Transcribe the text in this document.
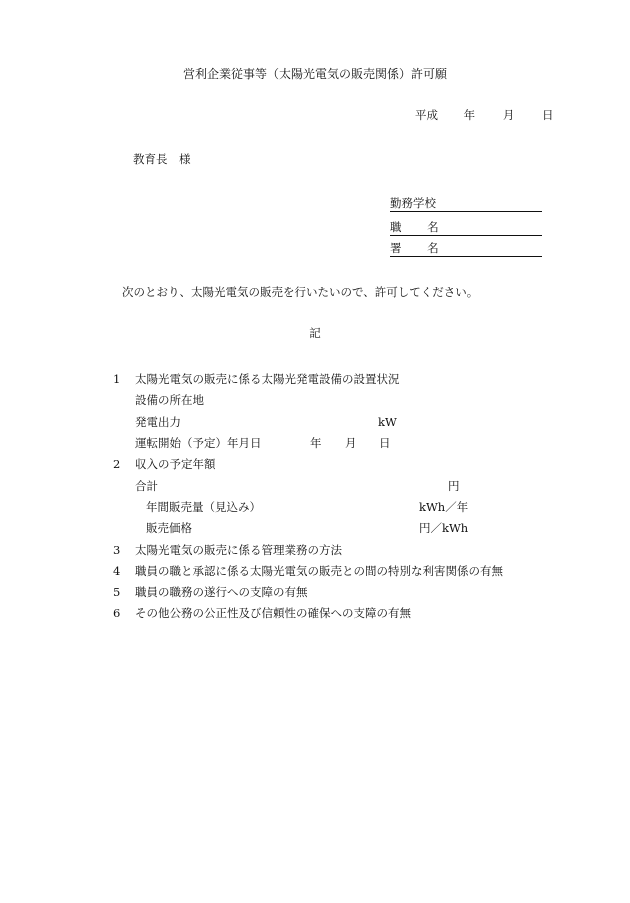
営利企業従事等（太陽光電気の販売関係）許可願
平成 年 月 日
教育長　様
勤務学校
職 名
署 名
次のとおり、太陽光電気の販売を行いたいので、許可してください。
記
1 太陽光電気の販売に係る太陽光発電設備の設置状況
設備の所在地
発電出力	kW
運転開始（予定）年月日	年 月 日
2 収入の予定年額
合計	円
年間販売量（見込み）	kWh／年
販売価格	円／kWh
3 太陽光電気の販売に係る管理業務の方法
4 職員の職と承認に係る太陽光電気の販売との間の特別な利害関係の有無
5 職員の職務の遂行への支障の有無
6 その他公務の公正性及び信頼性の確保への支障の有無
